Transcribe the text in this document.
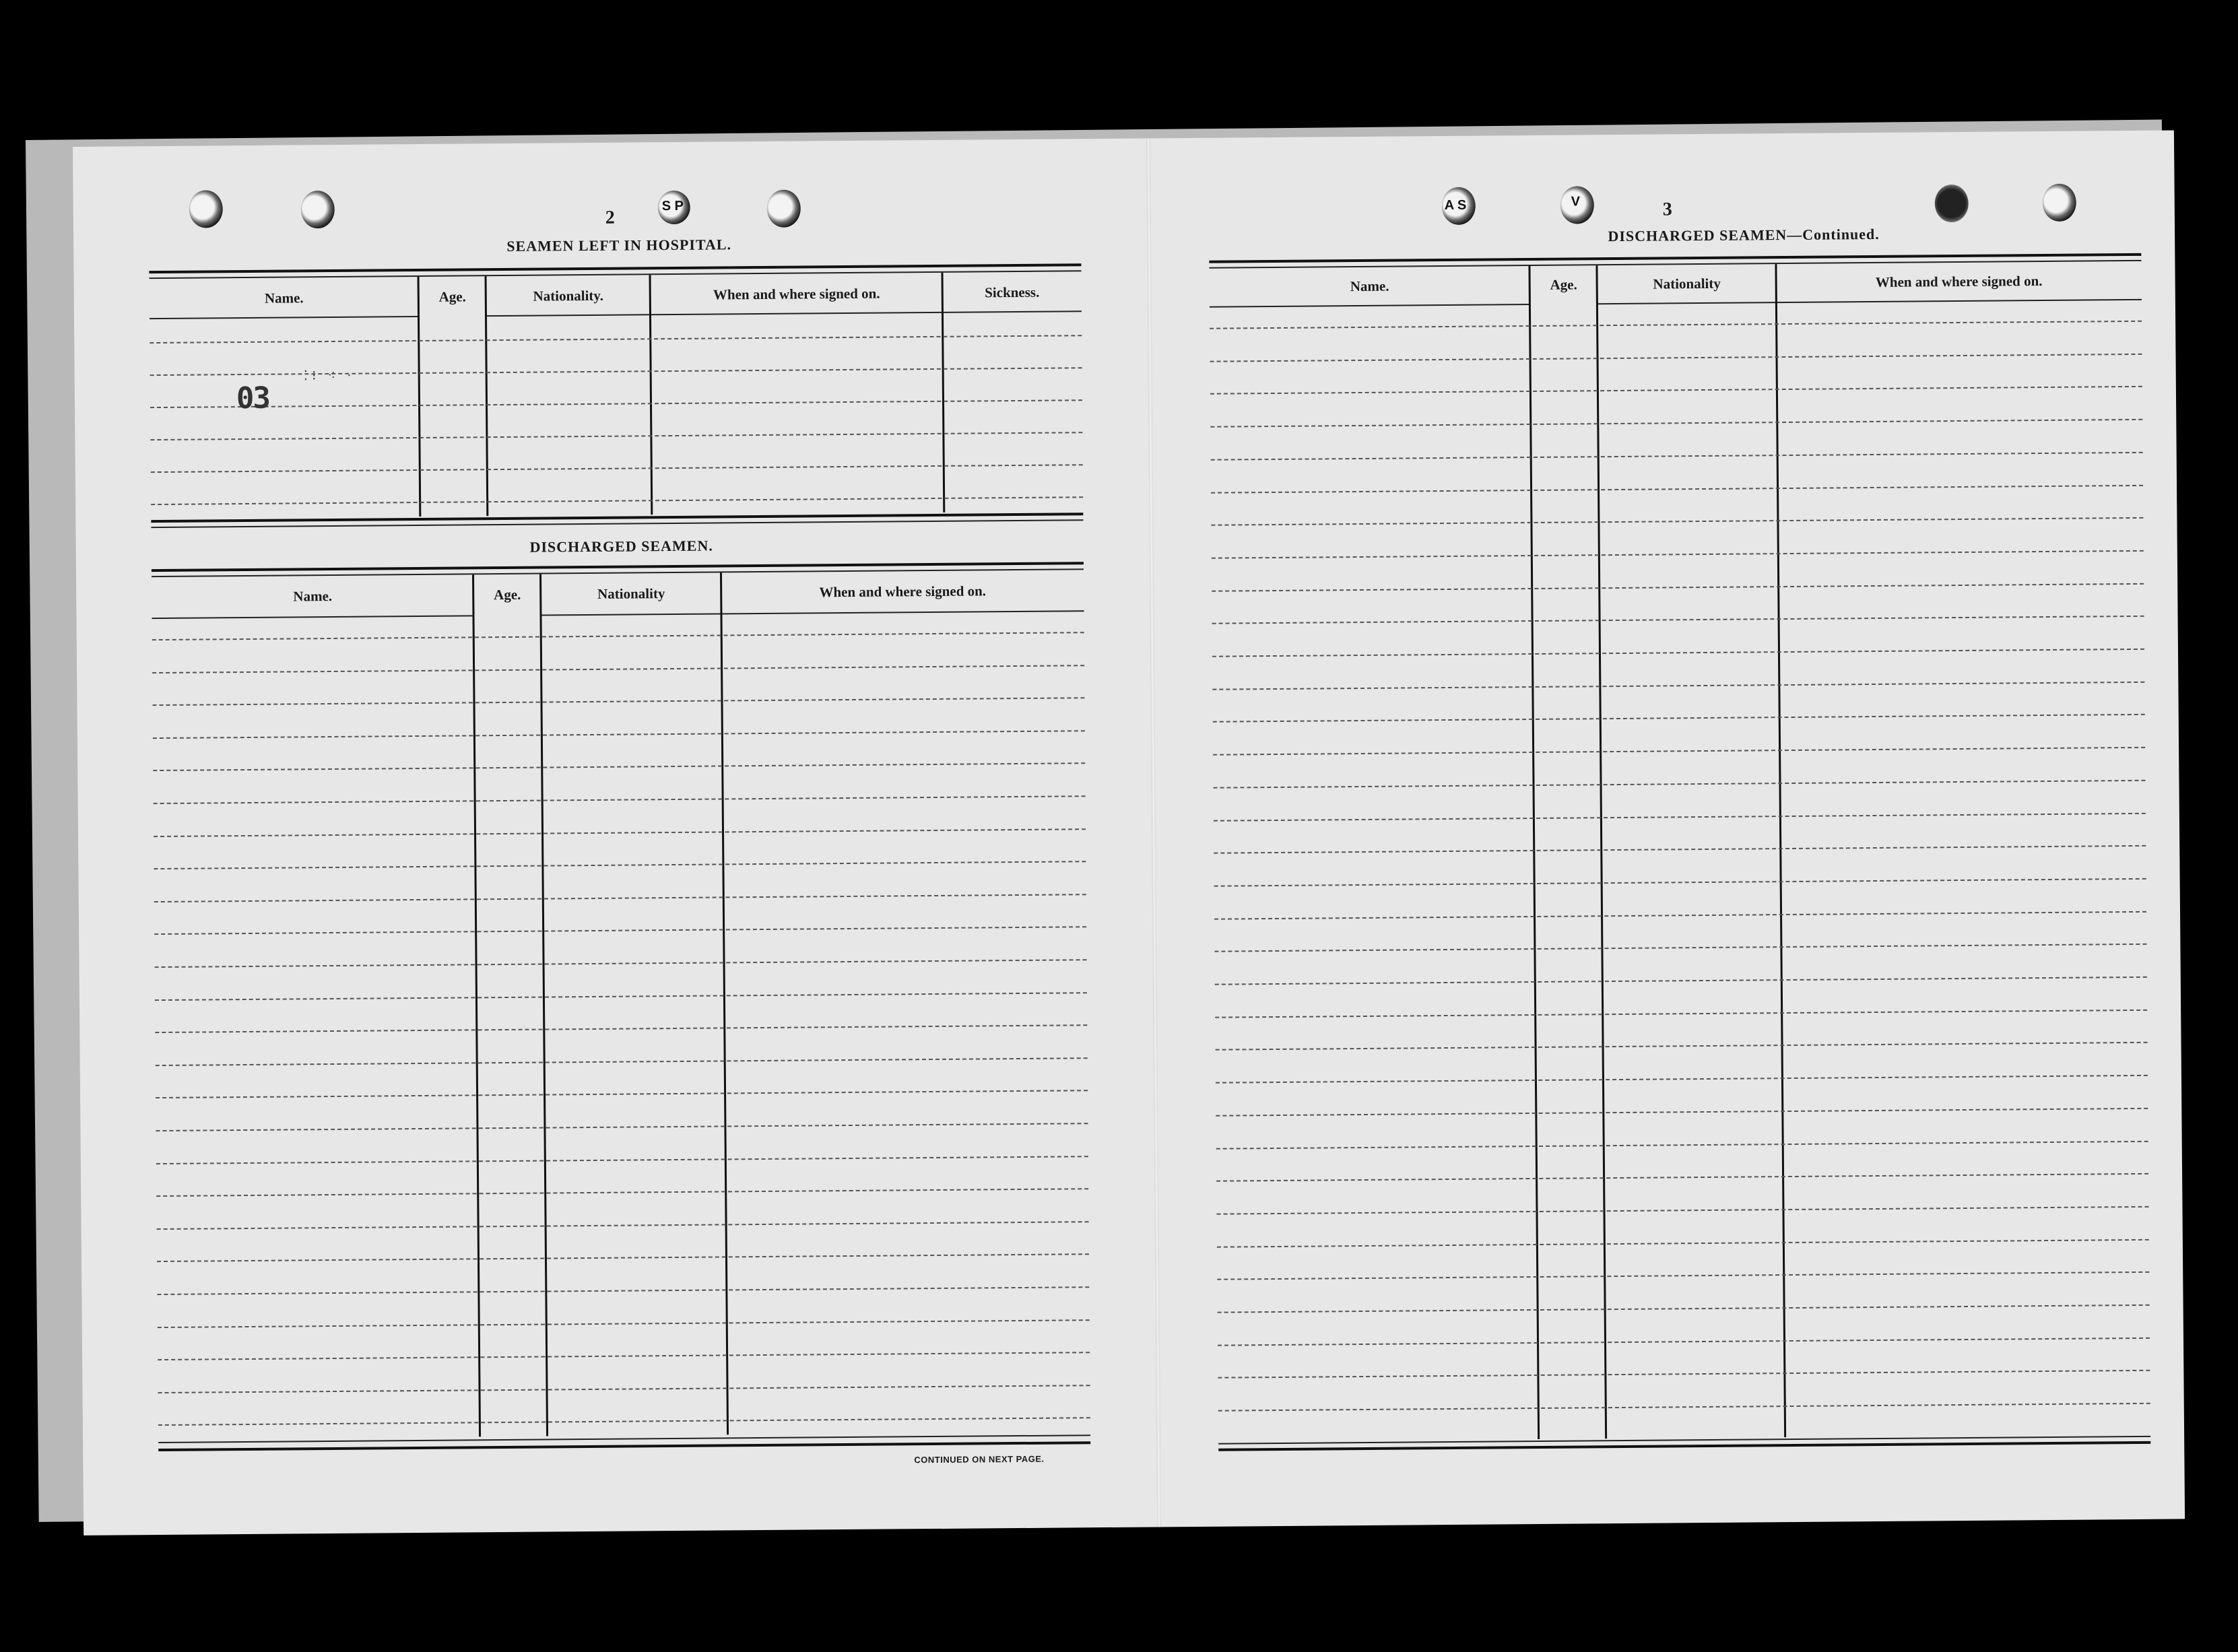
S P	A S	V
2
SEAMEN LEFT IN HOSPITAL.
Name.	Age.	Nationality.	When and where signed on.	Sickness.
03
⁚⁝ ⁖ ·
DISCHARGED SEAMEN.
Name.	Age.	Nationality	When and where signed on.
CONTINUED ON NEXT PAGE.
3
DISCHARGED SEAMEN—Continued.
Name.	Age.	Nationality	When and where signed on.
